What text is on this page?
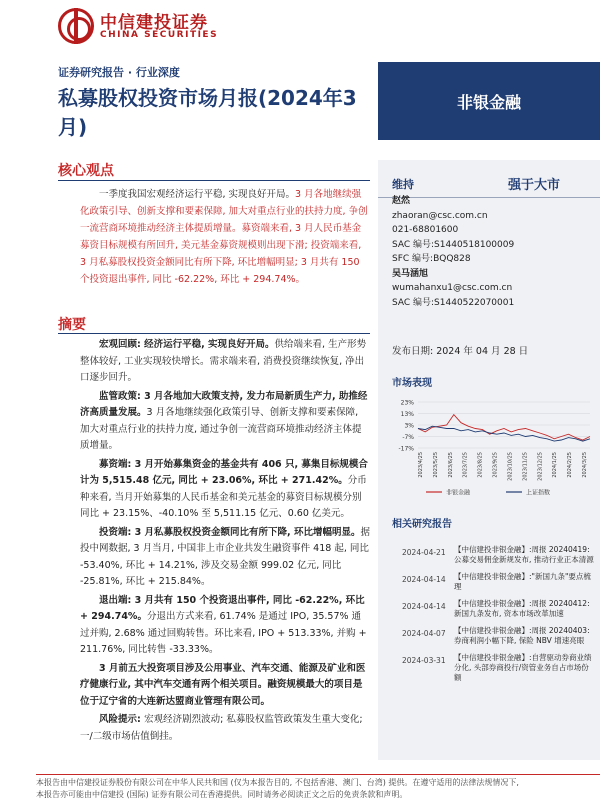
中信建投证券
CHINA SECURITIES
证券研究报告 · 行业深度
私募股权投资市场月报(2024年3月)
非银金融
维持	强于大市
赵然
zhaoran@csc.com.cn
021-68801600
SAC 编号:S1440518100009
SFC 编号:BQQ828
吴马涵旭
wumahanxu1@csc.com.cn
SAC 编号:S1440522070001
发布日期: 2024 年 04 月 28 日
市场表现
相关研究报告
23%
13%
3%
-7%
-17%
2023/4/25 2023/5/25 2023/6/25 2023/7/25 2023/8/25 2023/9/25 2023/10/25 2023/11/25 2023/12/25 2024/1/25 2024/2/25 2024/3/25
非银金融	上证指数
2024-04-21 【中信建投非银金融】:周报 20240419: 公募交易佣金新规发布, 推动行业正本清源
2024-04-14 【中信建投非银金融】:"新国九条"要点梳理
2024-04-14 【中信建投非银金融】:周报 20240412: 新国九条发布, 资本市场改革加速
2024-04-07 【中信建投非银金融】:周报 20240403: 券商利润小幅下降, 保险 NBV 增速亮眼
2024-03-31 【中信建投非银金融】:自营驱动券商业绩分化, 头部券商投行/资管业务自占市场份额
核心观点
一季度我国宏观经济运行平稳, 实现良好开局。3 月各地继续强化政策引导、创新支撑和要素保障, 加大对重点行业的扶持力度, 争创一流营商环境推动经济主体提质增量。募资端来看, 3 月人民币基金募资目标规模有所回升, 美元基金募资规模则出现下滑; 投资端来看, 3 月私募股权投资金额同比有所下降, 环比增幅明显; 3 月共有 150 个投资退出事件, 同比 -62.22%, 环比 + 294.74%。
摘要

宏观回顾: 经济运行平稳, 实现良好开局。供给端来看, 生产形势整体较好, 工业实现较快增长。需求端来看, 消费投资继续恢复, 净出口逐步回升。

监管政策: 3 月各地加大政策支持, 发力布局新质生产力, 助推经济高质量发展。3 月各地继续强化政策引导、创新支撑和要素保障, 加大对重点行业的扶持力度, 通过争创一流营商环境推动经济主体提质增量。

募资端: 3 月开始募集资金的基金共有 406 只, 募集目标规模合计为 5,515.48 亿元, 同比 + 23.06%, 环比 + 271.42%。分币种来看, 当月开始募集的人民币基金和美元基金的募资目标规模分别同比 + 23.15%、-40.10% 至 5,511.15 亿元、0.60 亿美元。

投资端: 3 月私募股权投资金额同比有所下降, 环比增幅明显。据投中网数据, 3 月当月, 中国非上市企业共发生融资事件 418 起, 同比 -53.40%, 环比 + 14.21%, 涉及交易金额 999.02 亿元, 同比 -25.81%, 环比 + 215.84%。

退出端: 3 月共有 150 个投资退出事件, 同比 -62.22%, 环比 + 294.74%。分退出方式来看, 61.74% 是通过 IPO, 35.57% 通过并购, 2.68% 通过回购转售。环比来看, IPO + 513.33%, 并购 + 211.76%, 同比转售 -33.33%。

3 月前五大投资项目涉及公用事业、汽车交通、能源及矿业和医疗健康行业, 其中汽车交通有两个相关项目。融资规模最大的项目是位于辽宁省的大连新达盟商业管理有限公司。

风险提示: 宏观经济剧烈波动; 私募股权监管政策发生重大变化; 一/二级市场估值倒挂。

本报告由中信建投证券股份有限公司在中华人民共和国 (仅为本报告目的, 不包括香港、澳门、台湾) 提供。在遵守适用的法律法规情况下,
本报告亦可能由中信建投 (国际) 证券有限公司在香港提供。同时请务必阅读正文之后的免责条款和声明。
